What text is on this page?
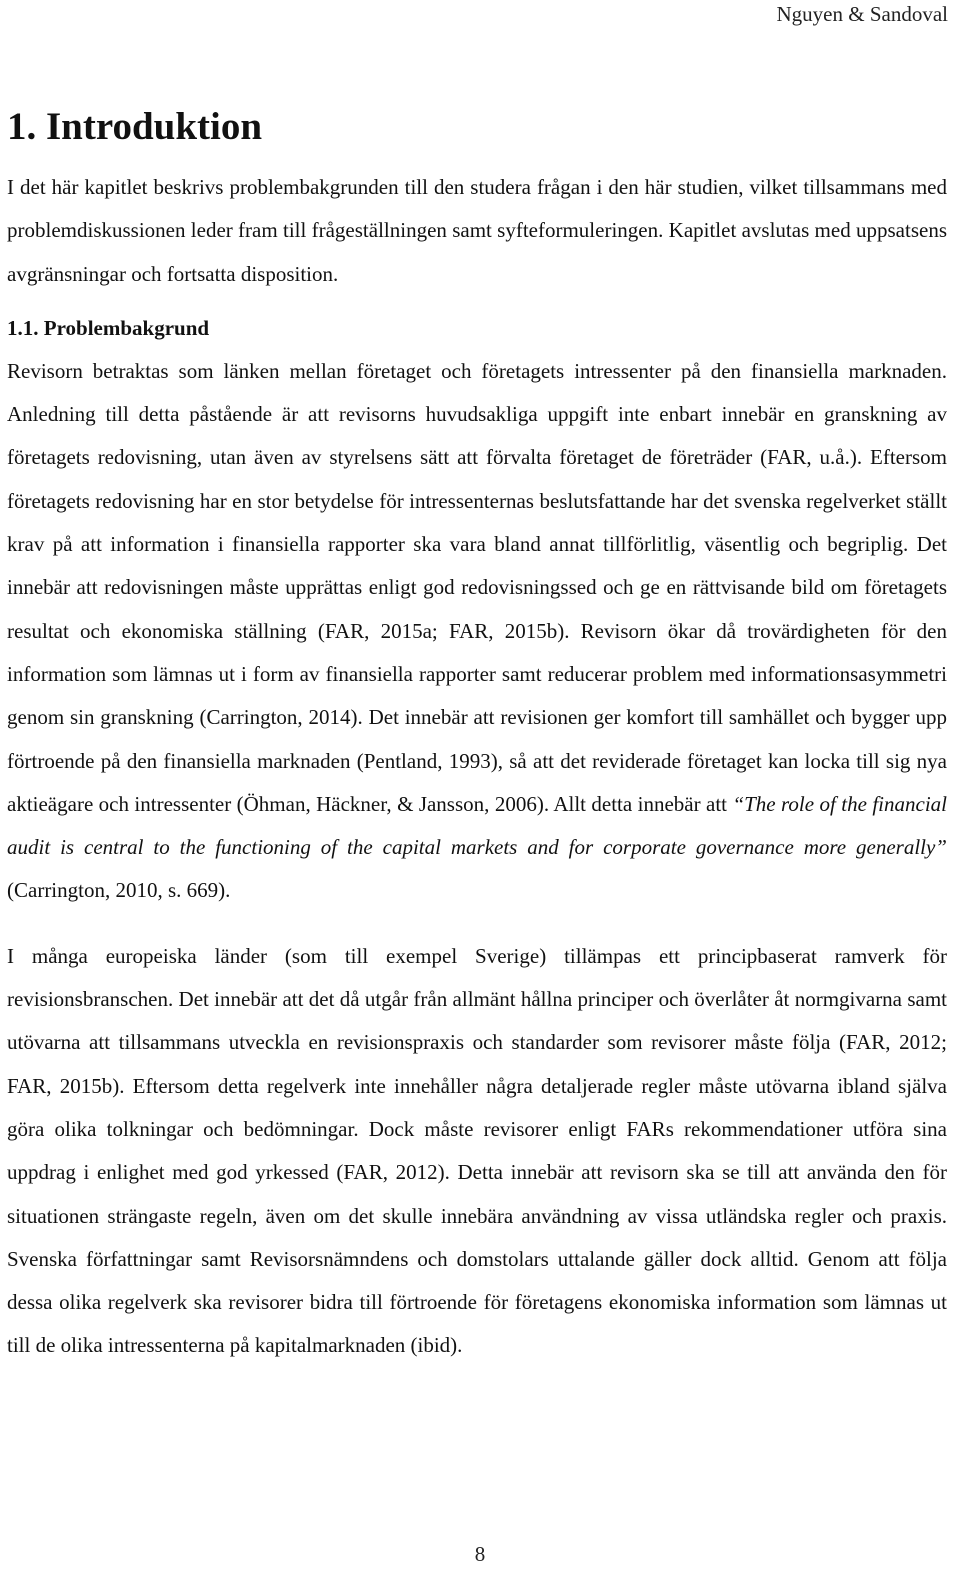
Nguyen & Sandoval
1. Introduktion

I det här kapitlet beskrivs problembakgrunden till den studera frågan i den här studien, vilket tillsammans med problemdiskussionen leder fram till frågeställningen samt syfteformuleringen. Kapitlet avslutas med uppsatsens avgränsningar och fortsatta disposition.

1.1. Problembakgrund

Revisorn betraktas som länken mellan företaget och företagets intressenter på den finansiella marknaden. Anledning till detta påstående är att revisorns huvudsakliga uppgift inte enbart innebär en granskning av företagets redovisning, utan även av styrelsens sätt att förvalta företaget de företräder (FAR, u.å.). Eftersom företagets redovisning har en stor betydelse för intressenternas beslutsfattande har det svenska regelverket ställt krav på att information i finansiella rapporter ska vara bland annat tillförlitlig, väsentlig och begriplig. Det innebär att redovisningen måste upprättas enligt god redovisningssed och ge en rättvisande bild om företagets resultat och ekonomiska ställning (FAR, 2015a; FAR, 2015b). Revisorn ökar då trovärdigheten för den information som lämnas ut i form av finansiella rapporter samt reducerar problem med informationsasymmetri genom sin granskning (Carrington, 2014). Det innebär att revisionen ger komfort till samhället och bygger upp förtroende på den finansiella marknaden (Pentland, 1993), så att det reviderade företaget kan locka till sig nya aktieägare och intressenter (Öhman, Häckner, & Jansson, 2006). Allt detta innebär att “The role of the financial audit is central to the functioning of the capital markets and for corporate governance more generally” (Carrington, 2010, s. 669).

I många europeiska länder (som till exempel Sverige) tillämpas ett principbaserat ramverk för revisionsbranschen. Det innebär att det då utgår från allmänt hållna principer och överlåter åt normgivarna samt utövarna att tillsammans utveckla en revisionspraxis och standarder som revisorer måste följa (FAR, 2012; FAR, 2015b). Eftersom detta regelverk inte innehåller några detaljerade regler måste utövarna ibland själva göra olika tolkningar och bedömningar. Dock måste revisorer enligt FARs rekommendationer utföra sina uppdrag i enlighet med god yrkessed (FAR, 2012). Detta innebär att revisorn ska se till att använda den för situationen strängaste regeln, även om det skulle innebära användning av vissa utländska regler och praxis. Svenska författningar samt Revisorsnämndens och domstolars uttalande gäller dock alltid. Genom att följa dessa olika regelverk ska revisorer bidra till förtroende för företagens ekonomiska information som lämnas ut till de olika intressenterna på kapitalmarknaden (ibid).

8
